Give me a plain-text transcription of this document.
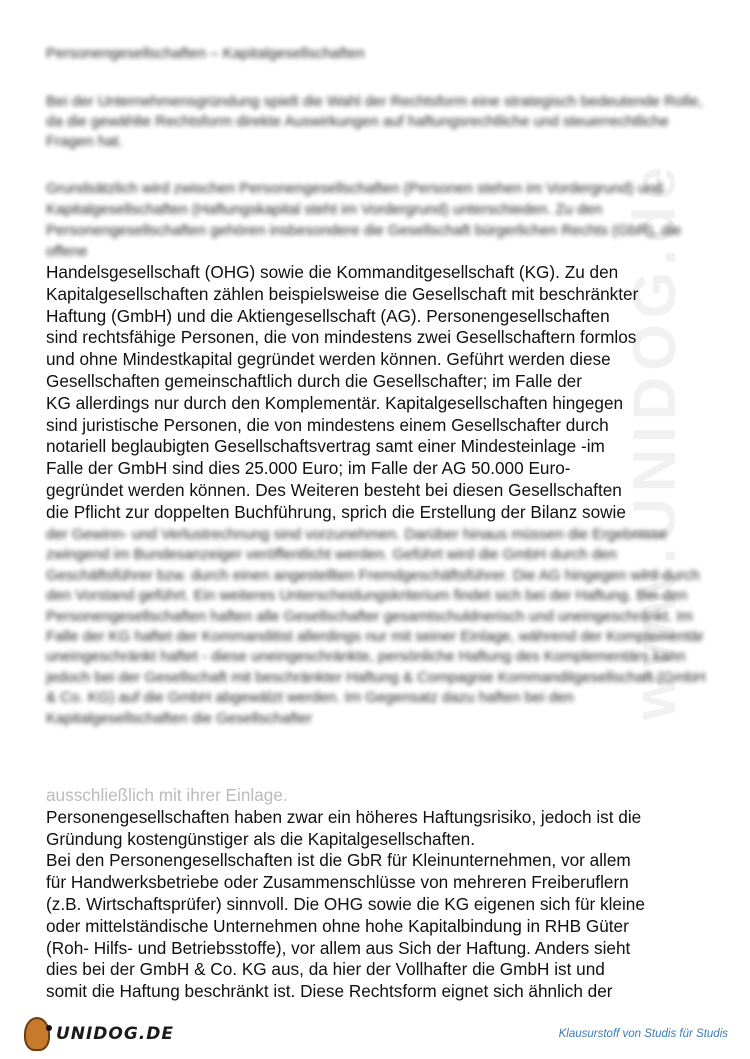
www.UNIDOG.de
Personengesellschaften – Kapitalgesellschaften
Bei der Unternehmensgründung spielt die Wahl der Rechtsform eine strategisch bedeutende Rolle, da die gewählte Rechtsform direkte Auswirkungen auf haftungsrechtliche und steuerrechtliche Fragen hat.
Grundsätzlich wird zwischen Personengesellschaften (Personen stehen im Vordergrund) und Kapitalgesellschaften (Haftungskapital steht im Vordergrund) unterschieden. Zu den Personengesellschaften gehören insbesondere die Gesellschaft bürgerlichen Rechts (GbR), die offene
Handelsgesellschaft (OHG) sowie die Kommanditgesellschaft (KG). Zu den
Kapitalgesellschaften zählen beispielsweise die Gesellschaft mit beschränkter
Haftung (GmbH) und die Aktiengesellschaft (AG). Personengesellschaften
sind rechtsfähige Personen, die von mindestens zwei Gesellschaftern formlos
und ohne Mindestkapital gegründet werden können. Geführt werden diese
Gesellschaften gemeinschaftlich durch die Gesellschafter; im Falle der
KG allerdings nur durch den Komplementär. Kapitalgesellschaften hingegen
sind juristische Personen, die von mindestens einem Gesellschafter durch
notariell beglaubigten Gesellschaftsvertrag samt einer Mindesteinlage -im
Falle der GmbH sind dies 25.000 Euro; im Falle der AG 50.000 Euro-
gegründet werden können. Des Weiteren besteht bei diesen Gesellschaften
die Pflicht zur doppelten Buchführung, sprich die Erstellung der Bilanz sowie
der Gewinn- und Verlustrechnung sind vorzunehmen. Darüber hinaus müssen die Ergebnisse zwingend im Bundesanzeiger veröffentlicht werden. Geführt wird die GmbH durch den Geschäftsführer bzw. durch einen angestellten Fremdgeschäftsführer. Die AG hingegen wird durch den Vorstand geführt. Ein weiteres Unterscheidungskriterium findet sich bei der Haftung. Bei den Personengesellschaften haften alle Gesellschafter gesamtschuldnerisch und uneingeschränkt. Im Falle der KG haftet der Kommanditist allerdings nur mit seiner Einlage, während der Komplementär uneingeschränkt haftet - diese uneingeschränkte, persönliche Haftung des Komplementärs kann jedoch bei der Gesellschaft mit beschränkter Haftung & Compagnie Kommanditgesellschaft (GmbH & Co. KG) auf die GmbH abgewälzt werden. Im Gegensatz dazu haften bei den Kapitalgesellschaften die Gesellschafter
ausschließlich mit ihrer Einlage.
Personengesellschaften haben zwar ein höheres Haftungsrisiko, jedoch ist die
Gründung kostengünstiger als die Kapitalgesellschaften.
Bei den Personengesellschaften ist die GbR für Kleinunternehmen, vor allem
für Handwerksbetriebe oder Zusammenschlüsse von mehreren Freiberuflern
(z.B. Wirtschaftsprüfer) sinnvoll. Die OHG sowie die KG eigenen sich für kleine
oder mittelständische Unternehmen ohne hohe Kapitalbindung in RHB Güter
(Roh- Hilfs- und Betriebsstoffe), vor allem aus Sich der Haftung. Anders sieht
dies bei der GmbH & Co. KG aus, da hier der Vollhafter die GmbH ist und
somit die Haftung beschränkt ist. Diese Rechtsform eignet sich ähnlich der
UNIDOG.DE	Klausurstoff von Studis für Studis
